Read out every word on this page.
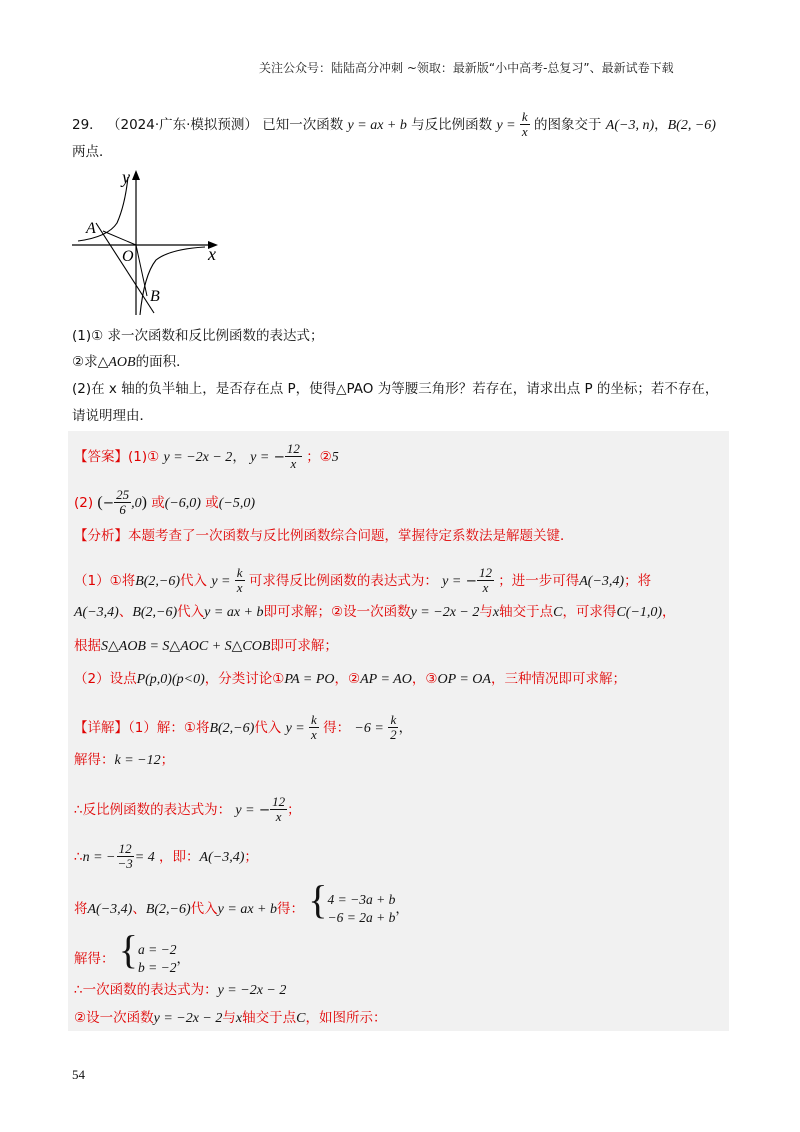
关注公众号：陆陆高分冲刺 ~领取：最新版“小中高考-总复习”、最新试卷下载
29． （2024·广东·模拟预测） 已知一次函数 y = ax + b 与反比例函数 $y = \frac{k}{x}$ 的图象交于 A(−3, n)，B(2, −6)
两点．
y
x
O
A
B
(1)① 求一次函数和反比例函数的表达式；
②求△AOB的面积．
(2)在 x 轴的负半轴上，是否存在点 P，使得△PAO 为等腰三角形？若存在，请求出点 P 的坐标；若不存在，
请说明理由．
【答案】(1)① y = −2x − 2， y = − $\frac{12}{x}$ ；②5
(2) (− $\frac{25}{6} ,0$) 或(−6,0) 或(−5,0)
【分析】本题考查了一次函数与反比例函数综合问题，掌握待定系数法是解题关键．
（1）①将B(2,−6)代入 $y = \frac{k}{x}$ 可求得反比例函数的表达式为： y = − $\frac{12}{x}$ ；进一步可得A(−3,4)；将
A(−3,4)、B(2,−6)代入y = ax + b即可求解；②设一次函数y = −2x − 2与x轴交于点C，可求得C(−1,0)，
根据S△AOB = S△AOC + S△COB即可求解；
（2）设点P(p,0)(p<0)，分类讨论①PA = PO，②AP = AO，③OP = OA，三种情况即可求解；
【详解】（1）解：①将B(2,−6)代入 $y = \frac{k}{x}$ 得： $-6 = \frac{k}{2}$ ，
解得：k = −12；
∴反比例函数的表达式为： y = − $\frac{12}{x}$ ；
∴n = − $\frac{12}{-3} = 4$ ，即：A(−3,4)；
将A(−3,4)、B(2,−6)代入y = ax + b得： { 4 = −3a + b
−6 = 2a + b
，
解得： { a = −2
b = −2
，
∴一次函数的表达式为：y = −2x − 2
②设一次函数y = −2x − 2与x轴交于点C，如图所示：
54
